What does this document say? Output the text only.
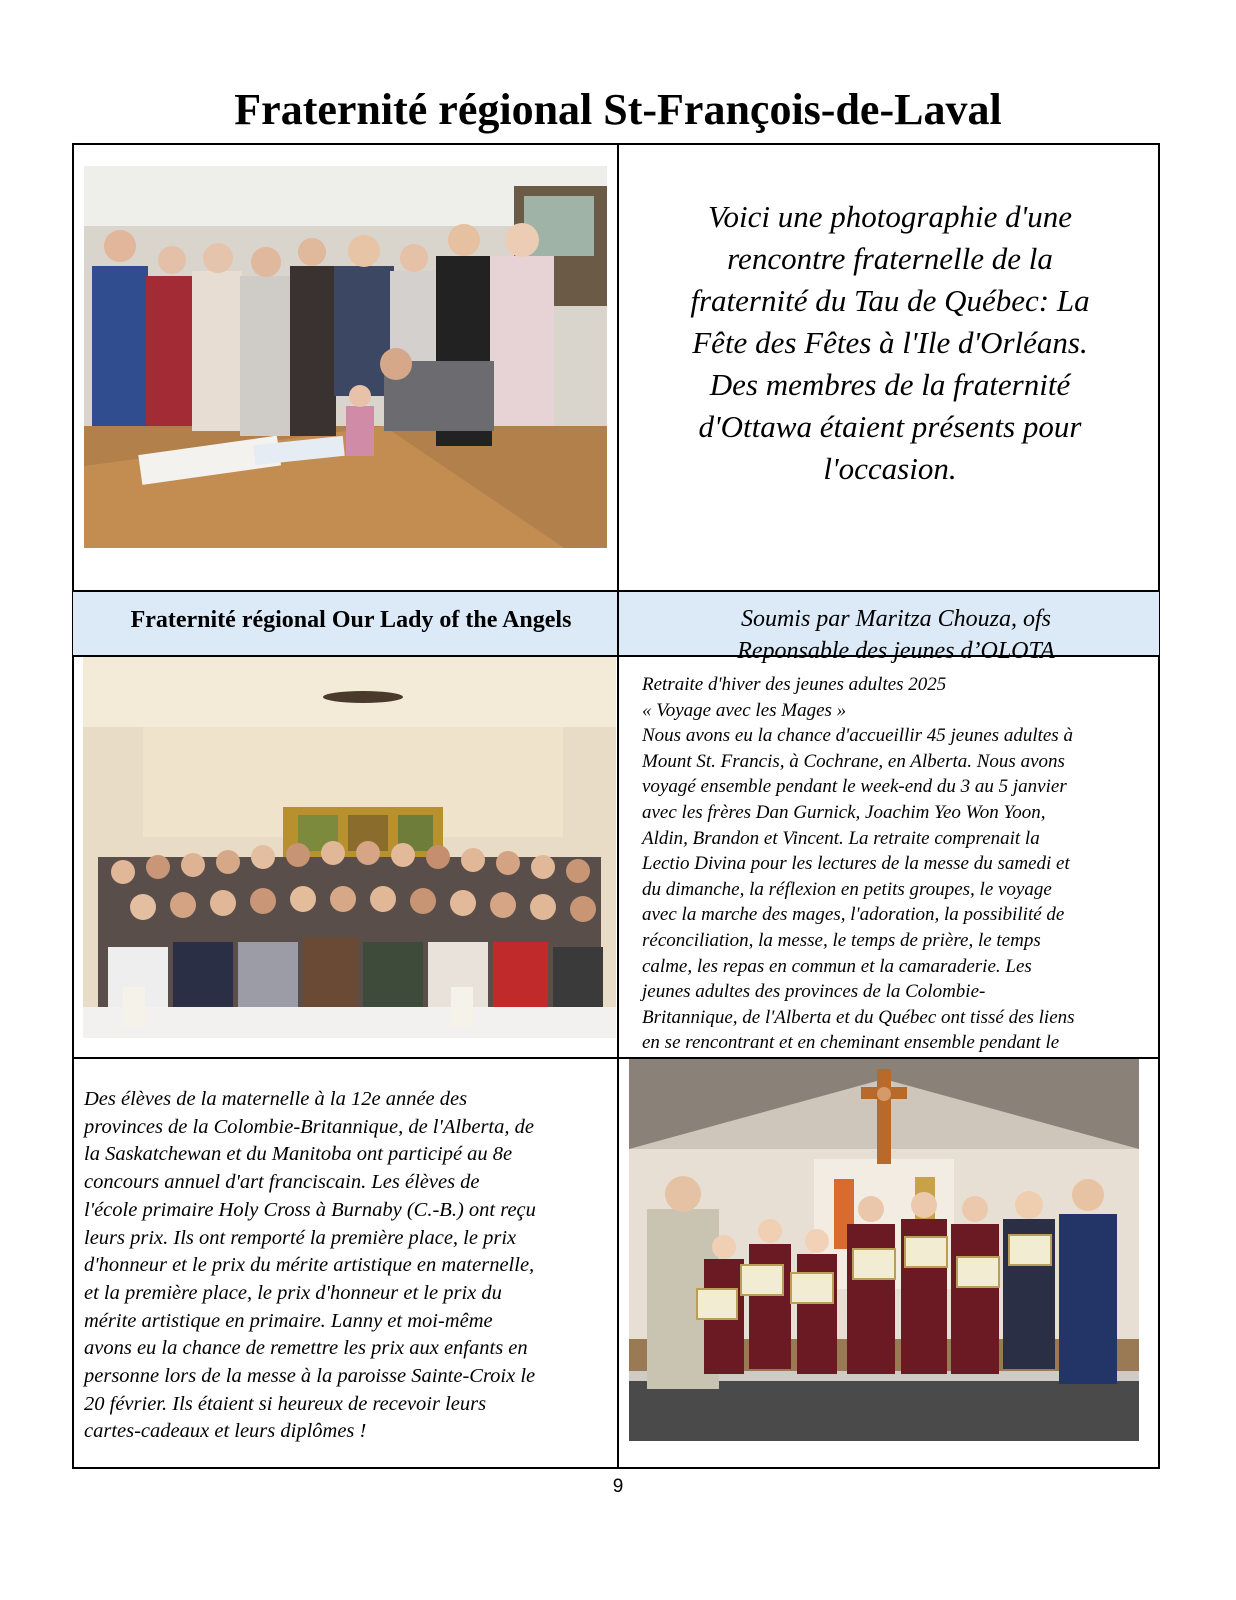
Fraternité régional St-François-de-Laval
Voici une photographie d'une
rencontre fraternelle de la
fraternité du Tau de Québec: La
Fête des Fêtes à l'Ile d'Orléans.
Des membres de la fraternité
d'Ottawa étaient présents pour
l'occasion.
Fraternité régional Our Lady of the Angels	Soumis par Maritza Chouza, ofs
Reponsable des jeunes d’OLOTA
Retraite d'hiver des jeunes adultes 2025
« Voyage avec les Mages »
Nous avons eu la chance d'accueillir 45 jeunes adultes à
Mount St. Francis, à Cochrane, en Alberta. Nous avons
voyagé ensemble pendant le week-end du 3 au 5 janvier
avec les frères Dan Gurnick, Joachim Yeo Won Yoon,
Aldin, Brandon et Vincent. La retraite comprenait la
Lectio Divina pour les lectures de la messe du samedi et
du dimanche, la réflexion en petits groupes, le voyage
avec la marche des mages, l'adoration, la possibilité de
réconciliation, la messe, le temps de prière, le temps
calme, les repas en commun et la camaraderie. Les
jeunes adultes des provinces de la Colombie-
Britannique, de l'Alberta et du Québec ont tissé des liens
en se rencontrant et en cheminant ensemble pendant le
Des élèves de la maternelle à la 12e année des
provinces de la Colombie-Britannique, de l'Alberta, de
la Saskatchewan et du Manitoba ont participé au 8e
concours annuel d'art franciscain. Les élèves de
l'école primaire Holy Cross à Burnaby (C.-B.) ont reçu
leurs prix. Ils ont remporté la première place, le prix
d'honneur et le prix du mérite artistique en maternelle,
et la première place, le prix d'honneur et le prix du
mérite artistique en primaire. Lanny et moi-même
avons eu la chance de remettre les prix aux enfants en
personne lors de la messe à la paroisse Sainte-Croix le
20 février. Ils étaient si heureux de recevoir leurs
cartes-cadeaux et leurs diplômes !
9
